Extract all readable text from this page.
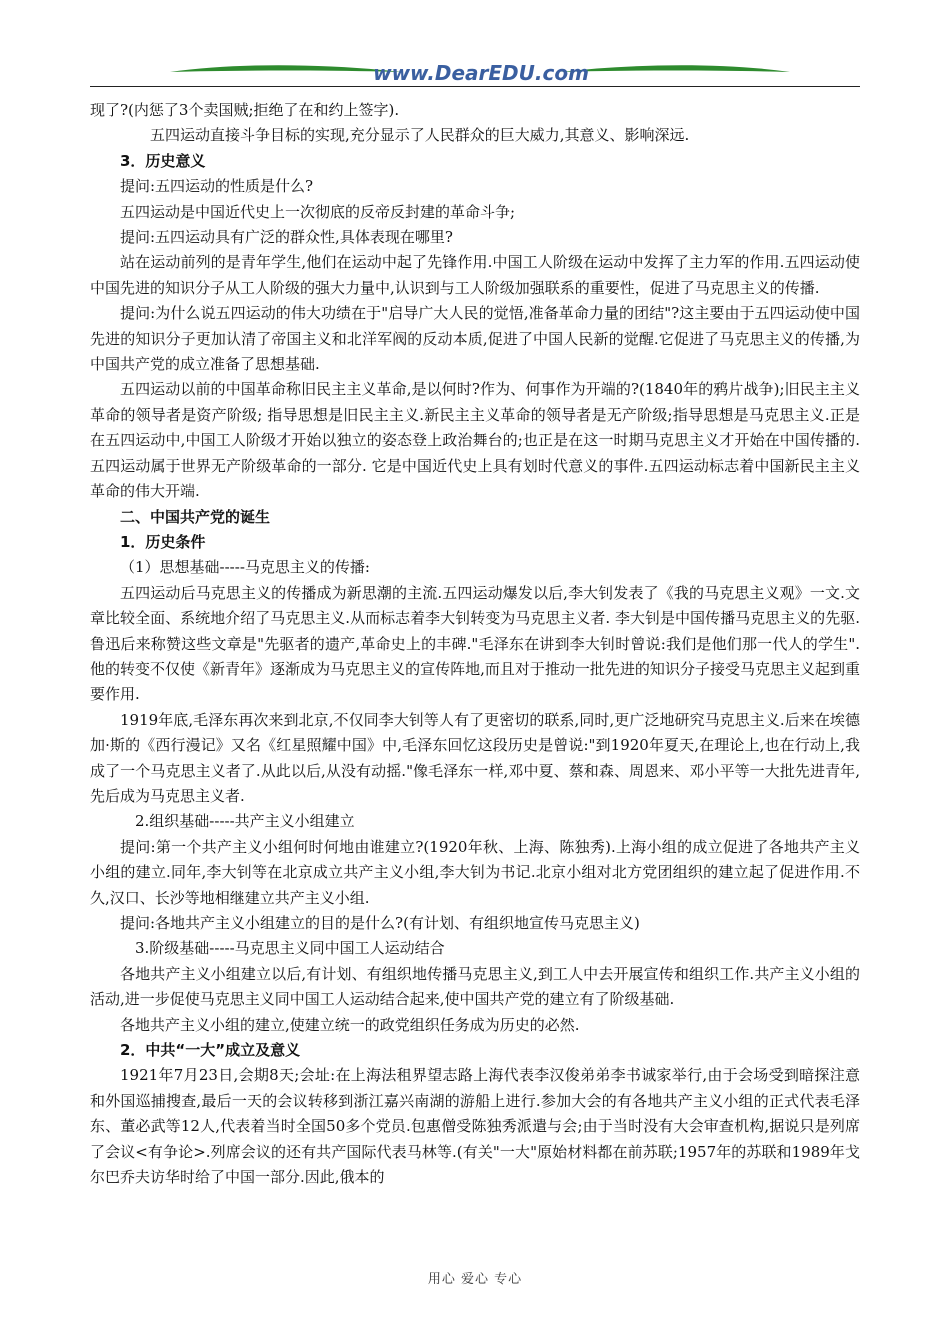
www.DearEDU.com

现了?(内惩了3个卖国贼;拒绝了在和约上签字).

五四运动直接斗争目标的实现,充分显示了人民群众的巨大威力,其意义、影响深远.

3．历史意义

提问:五四运动的性质是什么?

五四运动是中国近代史上一次彻底的反帝反封建的革命斗争;

提问:五四运动具有广泛的群众性,具体表现在哪里?

站在运动前列的是青年学生,他们在运动中起了先锋作用.中国工人阶级在运动中发挥了主力军的作用.五四运动使中国先进的知识分子从工人阶级的强大力量中,认识到与工人阶级加强联系的重要性，促进了马克思主义的传播.

提问:为什么说五四运动的伟大功绩在于"启导广大人民的觉悟,准备革命力量的团结"?这主要由于五四运动使中国先进的知识分子更加认清了帝国主义和北洋军阀的反动本质,促进了中国人民新的觉醒.它促进了马克思主义的传播,为中国共产党的成立准备了思想基础.

五四运动以前的中国革命称旧民主主义革命,是以何时?作为、何事作为开端的?(1840年的鸦片战争);旧民主主义革命的领导者是资产阶级; 指导思想是旧民主主义.新民主主义革命的领导者是无产阶级;指导思想是马克思主义.正是在五四运动中,中国工人阶级才开始以独立的姿态登上政治舞台的;也正是在这一时期马克思主义才开始在中国传播的.五四运动属于世界无产阶级革命的一部分. 它是中国近代史上具有划时代意义的事件.五四运动标志着中国新民主主义革命的伟大开端.

二、中国共产党的诞生

1．历史条件

（1）思想基础-----马克思主义的传播:

五四运动后马克思主义的传播成为新思潮的主流.五四运动爆发以后,李大钊发表了《我的马克思主义观》一文.文章比较全面、系统地介绍了马克思主义.从而标志着李大钊转变为马克思主义者. 李大钊是中国传播马克思主义的先驱.鲁迅后来称赞这些文章是"先驱者的遗产,革命史上的丰碑."毛泽东在讲到李大钊时曾说:我们是他们那一代人的学生".他的转变不仅使《新青年》逐渐成为马克思主义的宣传阵地,而且对于推动一批先进的知识分子接受马克思主义起到重要作用.

1919年底,毛泽东再次来到北京,不仅同李大钊等人有了更密切的联系,同时,更广泛地研究马克思主义.后来在埃德加·斯的《西行漫记》又名《红星照耀中国》中,毛泽东回忆这段历史是曾说:"到1920年夏天,在理论上,也在行动上,我成了一个马克思主义者了.从此以后,从没有动摇."像毛泽东一样,邓中夏、蔡和森、周恩来、邓小平等一大批先进青年,先后成为马克思主义者.

2.组织基础-----共产主义小组建立

提问:第一个共产主义小组何时何地由谁建立?(1920年秋、上海、陈独秀).上海小组的成立促进了各地共产主义小组的建立.同年,李大钊等在北京成立共产主义小组,李大钊为书记.北京小组对北方党团组织的建立起了促进作用.不久,汉口、长沙等地相继建立共产主义小组.

提问:各地共产主义小组建立的目的是什么?(有计划、有组织地宣传马克思主义)

3.阶级基础-----马克思主义同中国工人运动结合

各地共产主义小组建立以后,有计划、有组织地传播马克思主义,到工人中去开展宣传和组织工作.共产主义小组的活动,进一步促使马克思主义同中国工人运动结合起来,使中国共产党的建立有了阶级基础.

各地共产主义小组的建立,使建立统一的政党组织任务成为历史的必然.

2．中共“一大”成立及意义

1921年7月23日,会期8天;会址:在上海法租界望志路上海代表李汉俊弟弟李书诚家举行,由于会场受到暗探注意和外国巡捕搜查,最后一天的会议转移到浙江嘉兴南湖的游船上进行.参加大会的有各地共产主义小组的正式代表毛泽东、董必武等12人,代表着当时全国50多个党员.包惠僧受陈独秀派遣与会;由于当时没有大会审查机构,据说只是列席了会议<有争论>.列席会议的还有共产国际代表马林等.(有关"一大"原始材料都在前苏联;1957年的苏联和1989年戈尔巴乔夫访华时给了中国一部分.因此,俄本的

用心 爱心 专心
